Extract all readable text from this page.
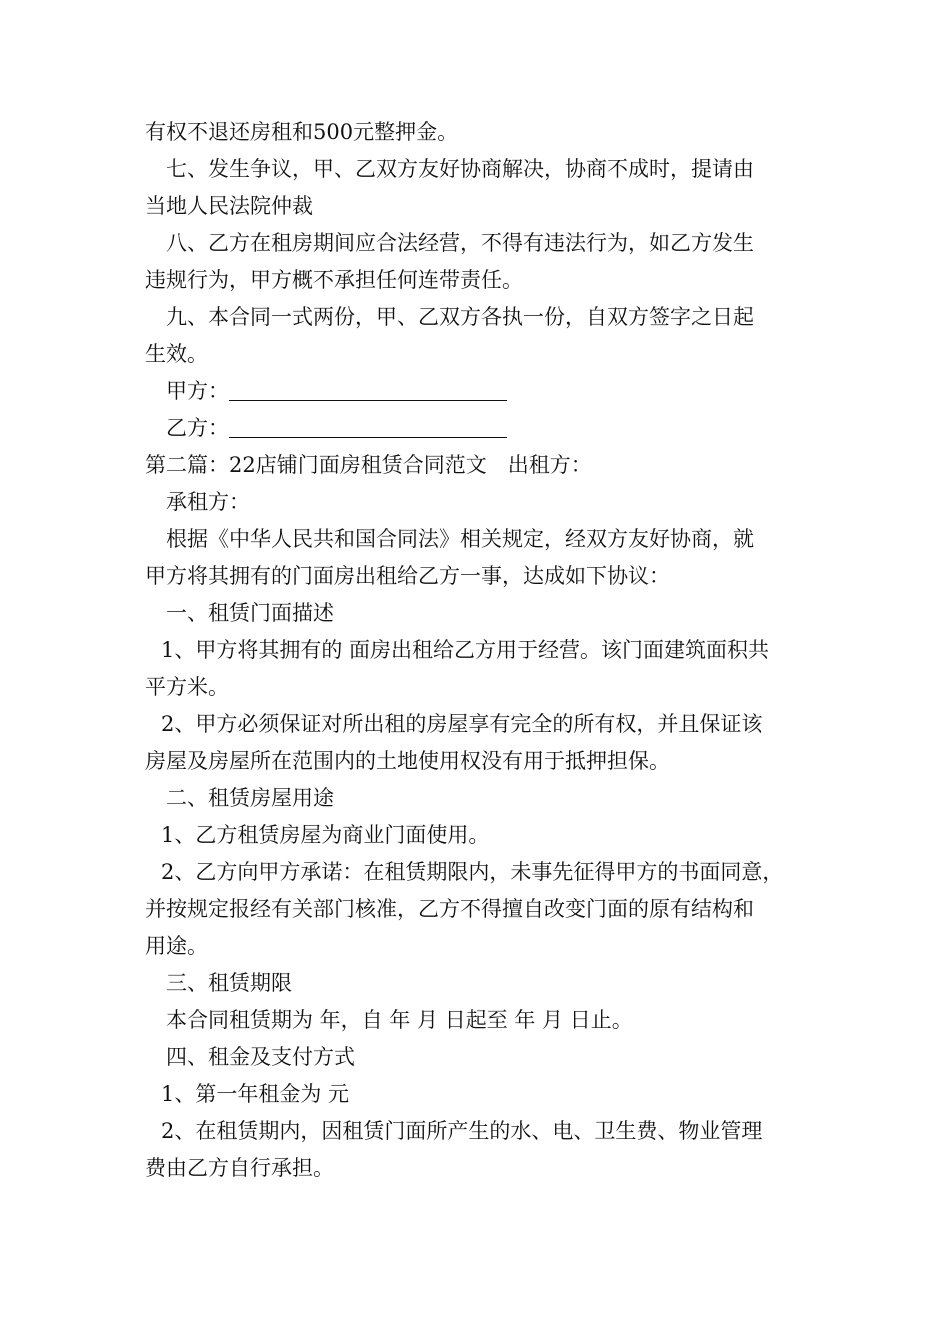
有权不退还房租和500元整押金。
七、发生争议，甲、乙双方友好协商解决，协商不成时，提请由
当地人民法院仲裁
八、乙方在租房期间应合法经营，不得有违法行为，如乙方发生
违规行为，甲方概不承担任何连带责任。
九、本合同一式两份，甲、乙双方各执一份，自双方签字之日起
生效。
甲方：
乙方：
第二篇：22店铺门面房租赁合同范文　出租方：
承租方：
根据《中华人民共和国合同法》相关规定，经双方友好协商，就
甲方将其拥有的门面房出租给乙方一事，达成如下协议：
一、租赁门面描述
1、甲方将其拥有的 面房出租给乙方用于经营。该门面建筑面积共
平方米。
2、甲方必须保证对所出租的房屋享有完全的所有权，并且保证该
房屋及房屋所在范围内的土地使用权没有用于抵押担保。
二、租赁房屋用途
1、乙方租赁房屋为商业门面使用。
2、乙方向甲方承诺：在租赁期限内，未事先征得甲方的书面同意，
并按规定报经有关部门核准，乙方不得擅自改变门面的原有结构和
用途。
三、租赁期限
本合同租赁期为 年，自 年 月 日起至 年 月 日止。
四、租金及支付方式
1、第一年租金为 元
2、在租赁期内，因租赁门面所产生的水、电、卫生费、物业管理
费由乙方自行承担。
